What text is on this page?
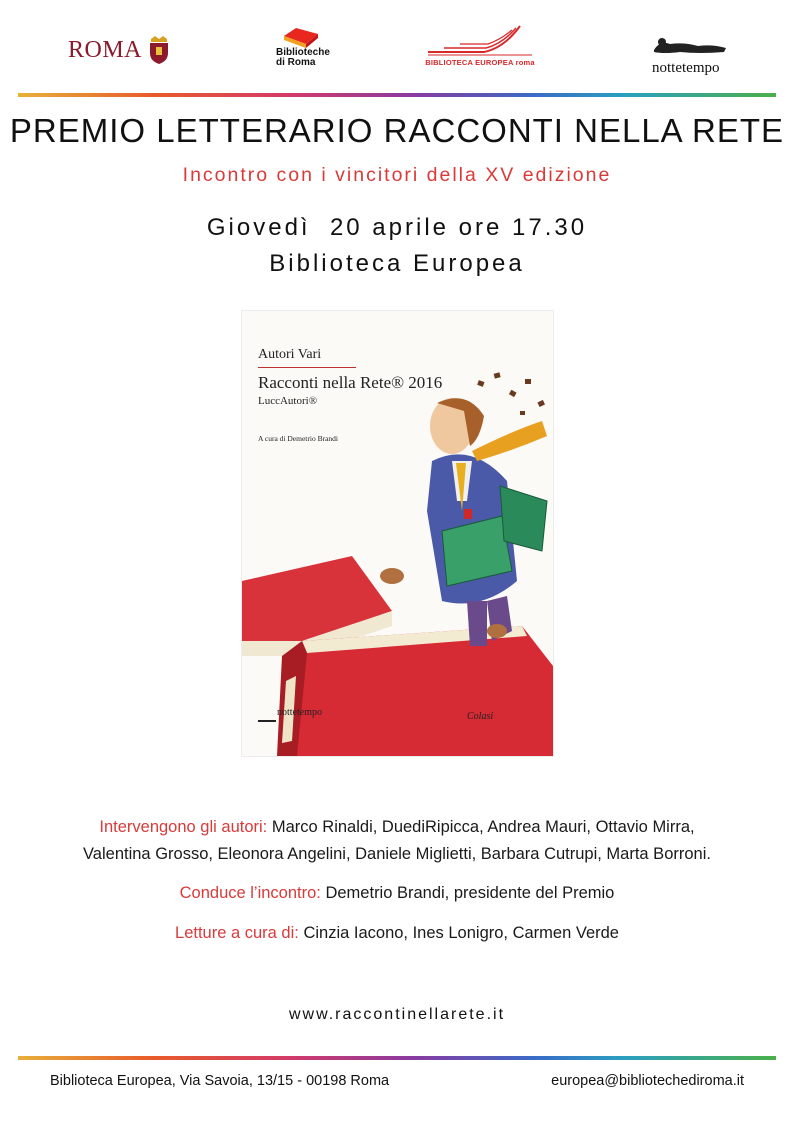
ROMA	Biblioteche
di Roma	BIBLIOTECA EUROPEA roma	nottetempo
PREMIO LETTERARIO RACCONTI NELLA RETE
Incontro con i vincitori della XV edizione
Giovedì  20 aprile ore 17.30
Biblioteca Europea
Autori Vari
Racconti nella Rete® 2016
LuccAutori®
A cura di Demetrio Brandi
nottetempo	Colasi
Intervengono gli autori: Marco Rinaldi, DuediRipicca, Andrea Mauri, Ottavio Mirra,
Valentina Grosso, Eleonora Angelini, Daniele Miglietti, Barbara Cutrupi, Marta Borroni.
Conduce l’incontro: Demetrio Brandi, presidente del Premio
Letture a cura di: Cinzia Iacono, Ines Lonigro, Carmen Verde
www.raccontinellarete.it
Biblioteca Europea, Via Savoia, 13/15 - 00198 Roma	europea@bibliotechediroma.it
